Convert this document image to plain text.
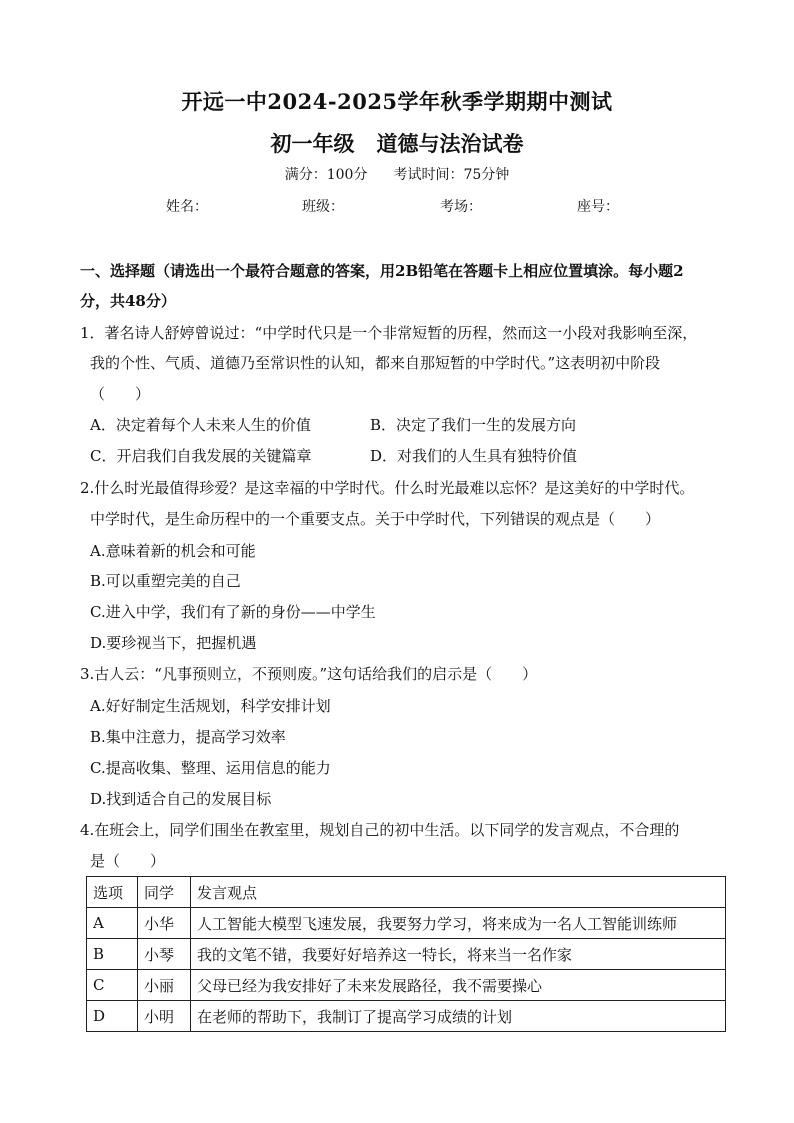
开远一中2024-2025学年秋季学期期中测试
初一年级 道德与法治试卷
满分：100分 考试时间：75分钟
姓名：	班级：	考场：	座号：
一、选择题（请选出一个最符合题意的答案，用2B铅笔在答题卡上相应位置填涂。每小题2
分，共48分）
1．著名诗人舒婷曾说过：“中学时代只是一个非常短暂的历程，然而这一小段对我影响至深，
我的个性、气质、道德乃至常识性的认知，都来自那短暂的中学时代。”这表明初中阶段
（　　）
A．决定着每个人未来人生的价值	B．决定了我们一生的发展方向
C．开启我们自我发展的关键篇章	D．对我们的人生具有独特价值
2.什么时光最值得珍爱？是这幸福的中学时代。什么时光最难以忘怀？是这美好的中学时代。
中学时代，是生命历程中的一个重要支点。关于中学时代，下列错误的观点是（　　）
A.意味着新的机会和可能
B.可以重塑完美的自己
C.进入中学，我们有了新的身份——中学生
D.要珍视当下，把握机遇
3.古人云：“凡事预则立，不预则废。”这句话给我们的启示是（　　）
A.好好制定生活规划，科学安排计划
B.集中注意力，提高学习效率
C.提高收集、整理、运用信息的能力
D.找到适合自己的发展目标
4.在班会上，同学们围坐在教室里，规划自己的初中生活。以下同学的发言观点，不合理的
是（　　）
选项	同学	发言观点
A	小华	人工智能大模型飞速发展，我要努力学习，将来成为一名人工智能训练师
B	小琴	我的文笔不错，我要好好培养这一特长，将来当一名作家
C	小丽	父母已经为我安排好了未来发展路径，我不需要操心
D	小明	在老师的帮助下，我制订了提高学习成绩的计划
